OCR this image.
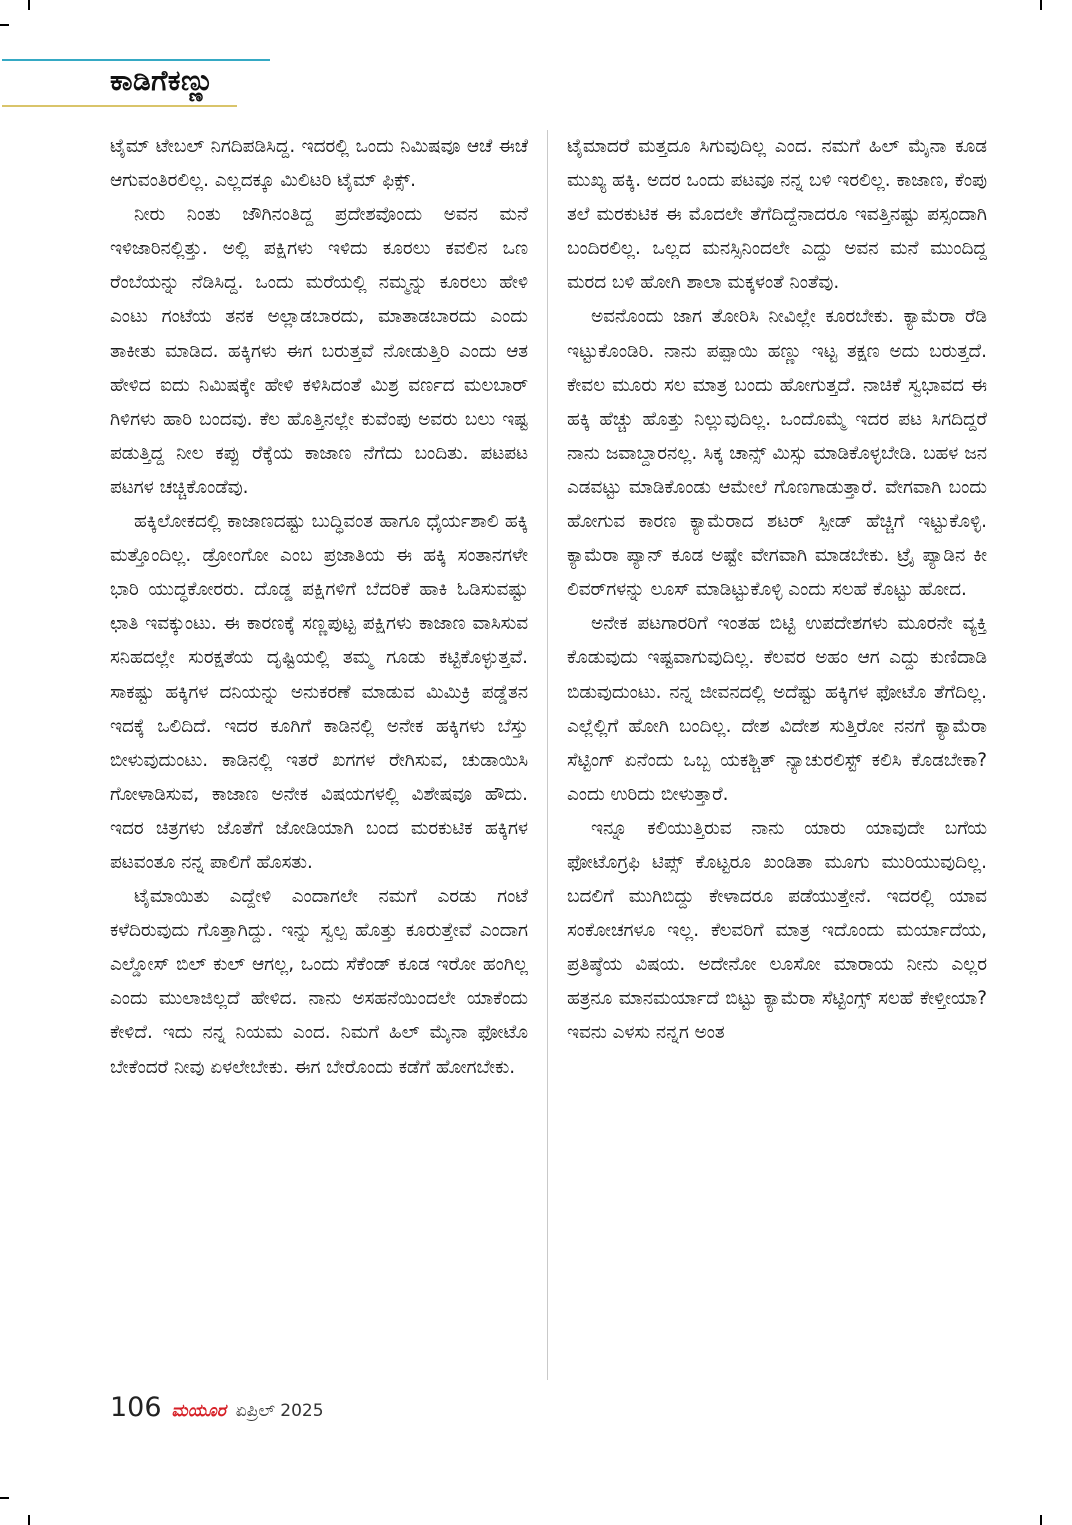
ಕಾಡಿಗೆಕಣ್ಣು

ಟೈಮ್ ಟೇಬಲ್ ನಿಗದಿಪಡಿಸಿದ್ದ. ಇದರಲ್ಲಿ ಒಂದು ನಿಮಿಷವೂ ಆಚೆ ಈಚೆ ಆಗುವಂತಿರಲಿಲ್ಲ. ಎಲ್ಲದಕ್ಕೂ ಮಿಲಿಟರಿ ಟೈಮ್ ಫಿಕ್ಸ್.

ನೀರು ನಿಂತು ಜೌಗಿನಂತಿದ್ದ ಪ್ರದೇಶವೊಂದು ಅವನ ಮನೆ ಇಳಿಜಾರಿನಲ್ಲಿತ್ತು. ಅಲ್ಲಿ ಪಕ್ಷಿಗಳು ಇಳಿದು ಕೂರಲು ಕವಲಿನ ಒಣ ರೆಂಬೆಯನ್ನು ನೆಡಿಸಿದ್ದ. ಒಂದು ಮರೆಯಲ್ಲಿ ನಮ್ಮನ್ನು ಕೂರಲು ಹೇಳಿ ಎಂಟು ಗಂಟೆಯ ತನಕ ಅಲ್ಲಾಡಬಾರದು, ಮಾತಾಡಬಾರದು ಎಂದು ತಾಕೀತು ಮಾಡಿದ. ಹಕ್ಕಿಗಳು ಈಗ ಬರುತ್ತವೆ ನೋಡುತ್ತಿರಿ ಎಂದು ಆತ ಹೇಳಿದ ಐದು ನಿಮಿಷಕ್ಕೇ ಹೇಳಿ ಕಳಿಸಿದಂತೆ ಮಿಶ್ರ ವರ್ಣದ ಮಲಬಾರ್ ಗಿಳಿಗಳು ಹಾರಿ ಬಂದವು. ಕೆಲ ಹೊತ್ತಿನಲ್ಲೇ ಕುವೆಂಪು ಅವರು ಬಲು ಇಷ್ಟ ಪಡುತ್ತಿದ್ದ ನೀಲ ಕಪ್ಪು ರೆಕ್ಕೆಯ ಕಾಜಾಣ ನೆಗೆದು ಬಂದಿತು. ಪಟಪಟ ಪಟಗಳ ಚಚ್ಚಿಕೊಂಡೆವು.

ಹಕ್ಕಿಲೋಕದಲ್ಲಿ ಕಾಜಾಣದಷ್ಟು ಬುದ್ಧಿವಂತ ಹಾಗೂ ಧೈರ್ಯಶಾಲಿ ಹಕ್ಕಿ ಮತ್ತೊಂದಿಲ್ಲ. ಡ್ರೋಂಗೋ ಎಂಬ ಪ್ರಜಾತಿಯ ಈ ಹಕ್ಕಿ ಸಂತಾನಗಳೇ ಭಾರಿ ಯುದ್ಧಕೋರರು. ದೊಡ್ಡ ಪಕ್ಷಿಗಳಿಗೆ ಬೆದರಿಕೆ ಹಾಕಿ ಓಡಿಸುವಷ್ಟು ಛಾತಿ ಇವಕ್ಕುಂಟು. ಈ ಕಾರಣಕ್ಕೆ ಸಣ್ಣಪುಟ್ಟ ಪಕ್ಷಿಗಳು ಕಾಜಾಣ ವಾಸಿಸುವ ಸನಿಹದಲ್ಲೇ ಸುರಕ್ಷತೆಯ ದೃಷ್ಟಿಯಲ್ಲಿ ತಮ್ಮ ಗೂಡು ಕಟ್ಟಿಕೊಳ್ಳುತ್ತವೆ. ಸಾಕಷ್ಟು ಹಕ್ಕಿಗಳ ದನಿಯನ್ನು ಅನುಕರಣೆ ಮಾಡುವ ಮಿಮಿಕ್ರಿ ಪಡ್ಡೆತನ ಇದಕ್ಕೆ ಒಲಿದಿದೆ. ಇದರ ಕೂಗಿಗೆ ಕಾಡಿನಲ್ಲಿ ಅನೇಕ ಹಕ್ಕಿಗಳು ಬೆಸ್ತು ಬೀಳುವುದುಂಟು. ಕಾಡಿನಲ್ಲಿ ಇತರೆ ಖಗಗಳ ರೇಗಿಸುವ, ಚುಡಾಯಿಸಿ ಗೋಳಾಡಿಸುವ, ಕಾಜಾಣ ಅನೇಕ ವಿಷಯಗಳಲ್ಲಿ ವಿಶೇಷವೂ ಹೌದು. ಇದರ ಚಿತ್ರಗಳು ಜೊತೆಗೆ ಜೋಡಿಯಾಗಿ ಬಂದ ಮರಕುಟಿಕ ಹಕ್ಕಿಗಳ ಪಟವಂತೂ ನನ್ನ ಪಾಲಿಗೆ ಹೊಸತು.

ಟೈಮಾಯಿತು ಎದ್ದೇಳಿ ಎಂದಾಗಲೇ ನಮಗೆ ಎರಡು ಗಂಟೆ ಕಳೆದಿರುವುದು ಗೊತ್ತಾಗಿದ್ದು. ಇನ್ನು ಸ್ವಲ್ಪ ಹೊತ್ತು ಕೂರುತ್ತೇವೆ ಎಂದಾಗ ಎಲ್ಡೋಸ್ ಬಿಲ್ ಕುಲ್ ಆಗಲ್ಲ, ಒಂದು ಸೆಕೆಂಡ್ ಕೂಡ ಇರೋ ಹಂಗಿಲ್ಲ ಎಂದು ಮುಲಾಜಿಲ್ಲದೆ ಹೇಳಿದ. ನಾನು ಅಸಹನೆಯಿಂದಲೇ ಯಾಕೆಂದು ಕೇಳಿದೆ. ಇದು ನನ್ನ ನಿಯಮ ಎಂದ. ನಿಮಗೆ ಹಿಲ್ ಮೈನಾ ಫೋಟೊ ಬೇಕೆಂದರೆ ನೀವು ಏಳಲೇಬೇಕು. ಈಗ ಬೇರೊಂದು ಕಡೆಗೆ ಹೋಗಬೇಕು.

ಟೈಮಾದರೆ ಮತ್ತದೂ ಸಿಗುವುದಿಲ್ಲ ಎಂದ. ನಮಗೆ ಹಿಲ್ ಮೈನಾ ಕೂಡ ಮುಖ್ಯ ಹಕ್ಕಿ. ಅದರ ಒಂದು ಪಟವೂ ನನ್ನ ಬಳಿ ಇರಲಿಲ್ಲ. ಕಾಜಾಣ, ಕೆಂಪು ತಲೆ ಮರಕುಟಿಕ ಈ ಮೊದಲೇ ತೆಗೆದಿದ್ದೆನಾದರೂ ಇವತ್ತಿನಷ್ಟು ಪಸ್ಸಂದಾಗಿ ಬಂದಿರಲಿಲ್ಲ. ಒಲ್ಲದ ಮನಸ್ಸಿನಿಂದಲೇ ಎದ್ದು ಅವನ ಮನೆ ಮುಂದಿದ್ದ ಮರದ ಬಳಿ ಹೋಗಿ ಶಾಲಾ ಮಕ್ಕಳಂತೆ ನಿಂತೆವು.

ಅವನೊಂದು ಜಾಗ ತೋರಿಸಿ ನೀವಿಲ್ಲೇ ಕೂರಬೇಕು. ಕ್ಯಾಮೆರಾ ರೆಡಿ ಇಟ್ಟುಕೊಂಡಿರಿ. ನಾನು ಪಪ್ಪಾಯಿ ಹಣ್ಣು ಇಟ್ಟ ತಕ್ಷಣ ಅದು ಬರುತ್ತದೆ. ಕೇವಲ ಮೂರು ಸಲ ಮಾತ್ರ ಬಂದು ಹೋಗುತ್ತದೆ. ನಾಚಿಕೆ ಸ್ವಭಾವದ ಈ ಹಕ್ಕಿ ಹೆಚ್ಚು ಹೊತ್ತು ನಿಲ್ಲುವುದಿಲ್ಲ. ಒಂದೊಮ್ಮೆ ಇದರ ಪಟ ಸಿಗದಿದ್ದರೆ ನಾನು ಜವಾಬ್ದಾರನಲ್ಲ. ಸಿಕ್ಕ ಚಾನ್ಸ್ ಮಿಸ್ಸು ಮಾಡಿಕೊಳ್ಳಬೇಡಿ. ಬಹಳ ಜನ ಎಡವಟ್ಟು ಮಾಡಿಕೊಂಡು ಆಮೇಲೆ ಗೊಣಗಾಡುತ್ತಾರೆ. ವೇಗವಾಗಿ ಬಂದು ಹೋಗುವ ಕಾರಣ ಕ್ಯಾಮೆರಾದ ಶಟರ್ ಸ್ಪೀಡ್ ಹೆಚ್ಚಿಗೆ ಇಟ್ಟುಕೊಳ್ಳಿ. ಕ್ಯಾಮೆರಾ ಪ್ಯಾನ್ ಕೂಡ ಅಷ್ಟೇ ವೇಗವಾಗಿ ಮಾಡಬೇಕು. ಟ್ರೈ ಪ್ಯಾಡಿನ ಕೀ ಲಿವರ್‌ಗಳನ್ನು ಲೂಸ್ ಮಾಡಿಟ್ಟುಕೊಳ್ಳಿ ಎಂದು ಸಲಹೆ ಕೊಟ್ಟು ಹೋದ.

ಅನೇಕ ಪಟಗಾರರಿಗೆ ಇಂತಹ ಬಿಟ್ಟಿ ಉಪದೇಶಗಳು ಮೂರನೇ ವ್ಯಕ್ತಿ ಕೊಡುವುದು ಇಷ್ಟವಾಗುವುದಿಲ್ಲ. ಕೆಲವರ ಅಹಂ ಆಗ ಎದ್ದು ಕುಣಿದಾಡಿ ಬಿಡುವುದುಂಟು. ನನ್ನ ಜೀವನದಲ್ಲಿ ಅದೆಷ್ಟು ಹಕ್ಕಿಗಳ ಫೋಟೊ ತೆಗೆದಿಲ್ಲ. ಎಲ್ಲೆಲ್ಲಿಗೆ ಹೋಗಿ ಬಂದಿಲ್ಲ. ದೇಶ ವಿದೇಶ ಸುತ್ತಿರೋ ನನಗೆ ಕ್ಯಾಮೆರಾ ಸೆಟ್ಟಿಂಗ್ ಏನೆಂದು ಒಬ್ಬ ಯಕಶ್ಚಿತ್ ನ್ಯಾಚುರಲಿಸ್ಟ್ ಕಲಿಸಿ ಕೊಡಬೇಕಾ? ಎಂದು ಉರಿದು ಬೀಳುತ್ತಾರೆ.

ಇನ್ನೂ ಕಲಿಯುತ್ತಿರುವ ನಾನು ಯಾರು ಯಾವುದೇ ಬಗೆಯ ಫೋಟೊಗ್ರಫಿ ಟಿಪ್ಸ್ ಕೊಟ್ಟರೂ ಖಂಡಿತಾ ಮೂಗು ಮುರಿಯುವುದಿಲ್ಲ. ಬದಲಿಗೆ ಮುಗಿಬಿದ್ದು ಕೇಳಾದರೂ ಪಡೆಯುತ್ತೇನೆ. ಇದರಲ್ಲಿ ಯಾವ ಸಂಕೋಚಗಳೂ ಇಲ್ಲ. ಕೆಲವರಿಗೆ ಮಾತ್ರ ಇದೊಂದು ಮರ್ಯಾದೆಯ, ಪ್ರತಿಷ್ಠೆಯ ವಿಷಯ. ಅದೇನೋ ಲೂಸೋ ಮಾರಾಯ ನೀನು ಎಲ್ಲರ ಹತ್ರನೂ ಮಾನಮರ್ಯಾದೆ ಬಿಟ್ಟು ಕ್ಯಾಮೆರಾ ಸೆಟ್ಟಿಂಗ್ಸ್ ಸಲಹೆ ಕೇಳ್ತೀಯಾ? ಇವನು ಎಳಸು ನನ್ನಗ ಅಂತ

106 ಮಯೂರ ಏಪ್ರಿಲ್ 2025
